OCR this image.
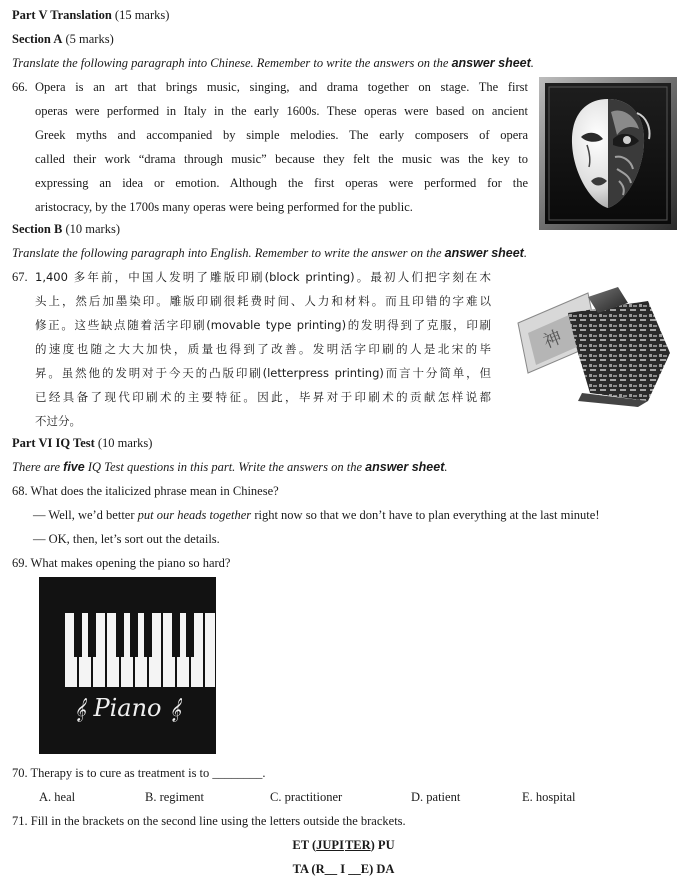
Part V Translation (15 marks)
Section A (5 marks)
Translate the following paragraph into Chinese. Remember to write the answers on the answer sheet.
66. Opera is an art that brings music, singing, and drama together on stage. The first
operas were performed in Italy in the early 1600s. These operas were based on ancient
Greek myths and accompanied by simple melodies. The early composers of opera
called their work “drama through music” because they felt the music was the key to
expressing an idea or emotion. Although the first operas were performed for the
aristocracy, by the 1700s many operas were being performed for the public.
Section B (10 marks)
Translate the following paragraph into English. Remember to write the answer on the answer sheet.
67. 1,400 多年前，中国人发明了雕版印刷(block printing)。最初人们把字刻在木
头上，然后加墨染印。雕版印刷很耗费时间、人力和材料。而且印错的字难以
修正。这些缺点随着活字印刷(movable type printing)的发明得到了克服，印刷
的速度也随之大大加快，质量也得到了改善。发明活字印刷的人是北宋的毕
昇。虽然他的发明对于今天的凸版印刷(letterpress printing)而言十分简单，但
已经具备了现代印刷术的主要特征。因此，毕昇对于印刷术的贡献怎样说都
不过分。
神
Part VI IQ Test (10 marks)
There are five IQ Test questions in this part. Write the answers on the answer sheet.
68. What does the italicized phrase mean in Chinese?
— Well, we’d better put our heads together right now so that we don’t have to plan everything at the last minute!
— OK, then, let’s sort out the details.
69. What makes opening the piano so hard?
𝄞 Piano 𝄞
70. Therapy is to cure as treatment is to ________.
A. heal	B. regiment	C. practitioner	D. patient	E. hospital
71. Fill in the brackets on the second line using the letters outside the brackets.
ET (JUPITER) PU
TA (R__ I __E) DA
